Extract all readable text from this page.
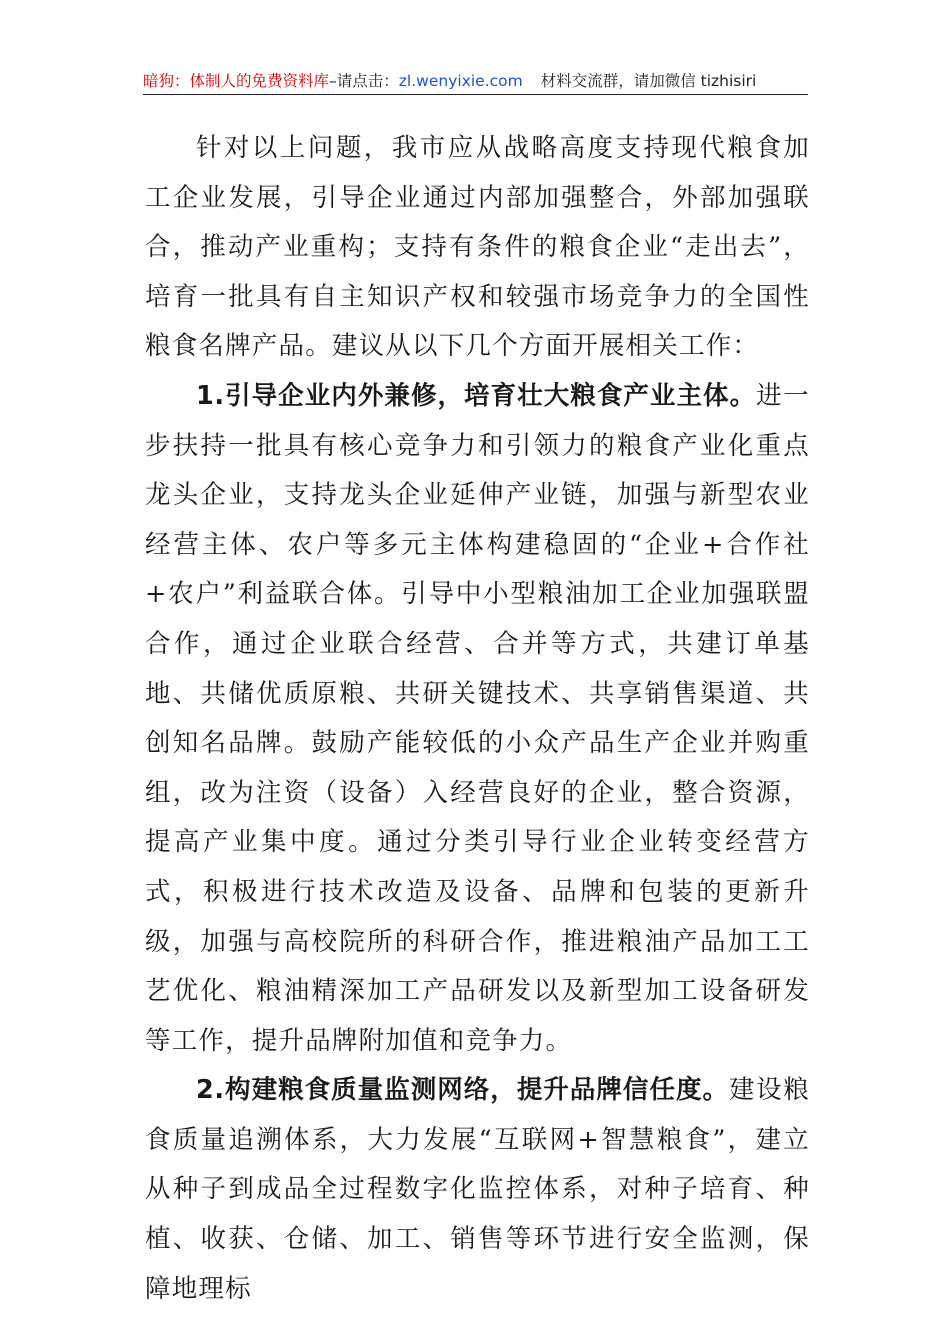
暗狗：体制人的免费资料库–请点击：zl.wenyixie.com 材料交流群，请加微信 tizhisiri

针对以上问题，我市应从战略高度支持现代粮食加工企业发展，引导企业通过内部加强整合，外部加强联合，推动产业重构；支持有条件的粮食企业“走出去”，培育一批具有自主知识产权和较强市场竞争力的全国性粮食名牌产品。建议从以下几个方面开展相关工作：

1.引导企业内外兼修，培育壮大粮食产业主体。进一步扶持一批具有核心竞争力和引领力的粮食产业化重点龙头企业，支持龙头企业延伸产业链，加强与新型农业经营主体、农户等多元主体构建稳固的“企业+合作社+农户”利益联合体。引导中小型粮油加工企业加强联盟合作，通过企业联合经营、合并等方式，共建订单基地、共储优质原粮、共研关键技术、共享销售渠道、共创知名品牌。鼓励产能较低的小众产品生产企业并购重组，改为注资（设备）入经营良好的企业，整合资源，提高产业集中度。通过分类引导行业企业转变经营方式，积极进行技术改造及设备、品牌和包装的更新升级，加强与高校院所的科研合作，推进粮油产品加工工艺优化、粮油精深加工产品研发以及新型加工设备研发等工作，提升品牌附加值和竞争力。

2.构建粮食质量监测网络，提升品牌信任度。建设粮食质量追溯体系，大力发展“互联网+智慧粮食”，建立从种子到成品全过程数字化监控体系，对种子培育、种植、收获、仓储、加工、销售等环节进行安全监测，保障地理标
